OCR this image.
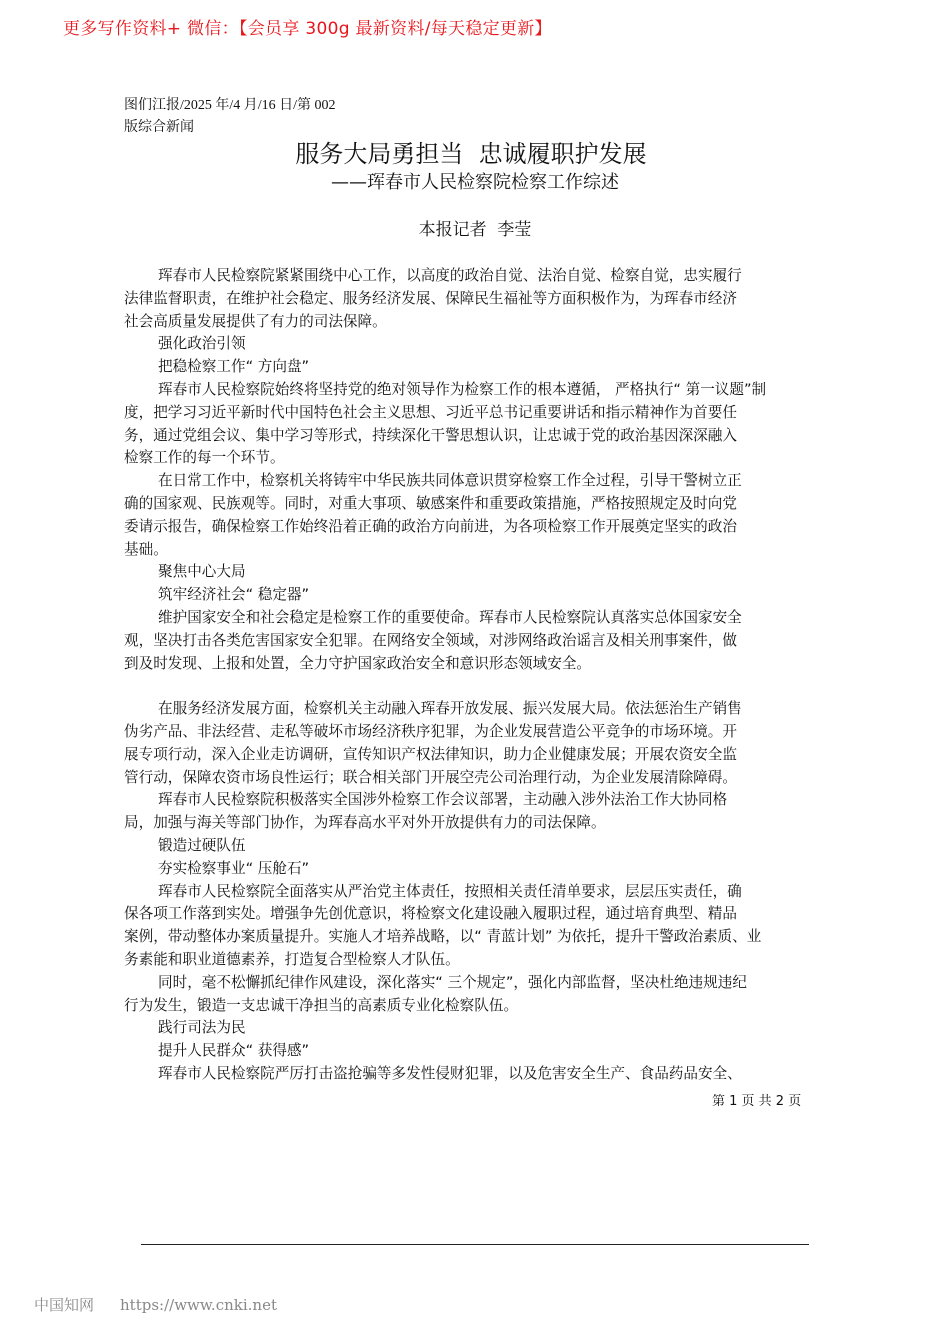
更多写作资料+ 微信：【会员享 300g 最新资料/每天稳定更新】
图们江报/2025 年/4 月/16 日/第 002
版综合新闻
服务大局勇担当  忠诚履职护发展
——珲春市人民检察院检察工作综述
本报记者  李莹
珲春市人民检察院紧紧围绕中心工作，以高度的政治自觉、法治自觉、检察自觉，忠实履行
法律监督职责，在维护社会稳定、服务经济发展、保障民生福祉等方面积极作为，为珲春市经济
社会高质量发展提供了有力的司法保障。
强化政治引领
把稳检察工作“ 方向盘”
珲春市人民检察院始终将坚持党的绝对领导作为检察工作的根本遵循， 严格执行“ 第一议题”制
度，把学习习近平新时代中国特色社会主义思想、习近平总书记重要讲话和指示精神作为首要任
务，通过党组会议、集中学习等形式，持续深化干警思想认识，让忠诚于党的政治基因深深融入
检察工作的每一个环节。
在日常工作中，检察机关将铸牢中华民族共同体意识贯穿检察工作全过程，引导干警树立正
确的国家观、民族观等。同时，对重大事项、敏感案件和重要政策措施，严格按照规定及时向党
委请示报告，确保检察工作始终沿着正确的政治方向前进，为各项检察工作开展奠定坚实的政治
基础。
聚焦中心大局
筑牢经济社会“ 稳定器”
维护国家安全和社会稳定是检察工作的重要使命。珲春市人民检察院认真落实总体国家安全
观，坚决打击各类危害国家安全犯罪。在网络安全领域，对涉网络政治谣言及相关刑事案件，做
到及时发现、上报和处置，全力守护国家政治安全和意识形态领域安全。
在服务经济发展方面，检察机关主动融入珲春开放发展、振兴发展大局。依法惩治生产销售
伪劣产品、非法经营、走私等破坏市场经济秩序犯罪，为企业发展营造公平竞争的市场环境。开
展专项行动，深入企业走访调研，宣传知识产权法律知识，助力企业健康发展；开展农资安全监
管行动，保障农资市场良性运行；联合相关部门开展空壳公司治理行动，为企业发展清除障碍。
珲春市人民检察院积极落实全国涉外检察工作会议部署，主动融入涉外法治工作大协同格
局，加强与海关等部门协作，为珲春高水平对外开放提供有力的司法保障。
锻造过硬队伍
夯实检察事业“ 压舱石”
珲春市人民检察院全面落实从严治党主体责任，按照相关责任清单要求，层层压实责任，确
保各项工作落到实处。增强争先创优意识，将检察文化建设融入履职过程，通过培育典型、精品
案例，带动整体办案质量提升。实施人才培养战略，以“ 青蓝计划” 为依托，提升干警政治素质、业
务素能和职业道德素养，打造复合型检察人才队伍。
同时，毫不松懈抓纪律作风建设，深化落实“ 三个规定”，强化内部监督，坚决杜绝违规违纪
行为发生，锻造一支忠诚干净担当的高素质专业化检察队伍。
践行司法为民
提升人民群众“ 获得感”
珲春市人民检察院严厉打击盗抢骗等多发性侵财犯罪，以及危害安全生产、食品药品安全、
第 1 页 共 2 页
中国知网 https://www.cnki.net
